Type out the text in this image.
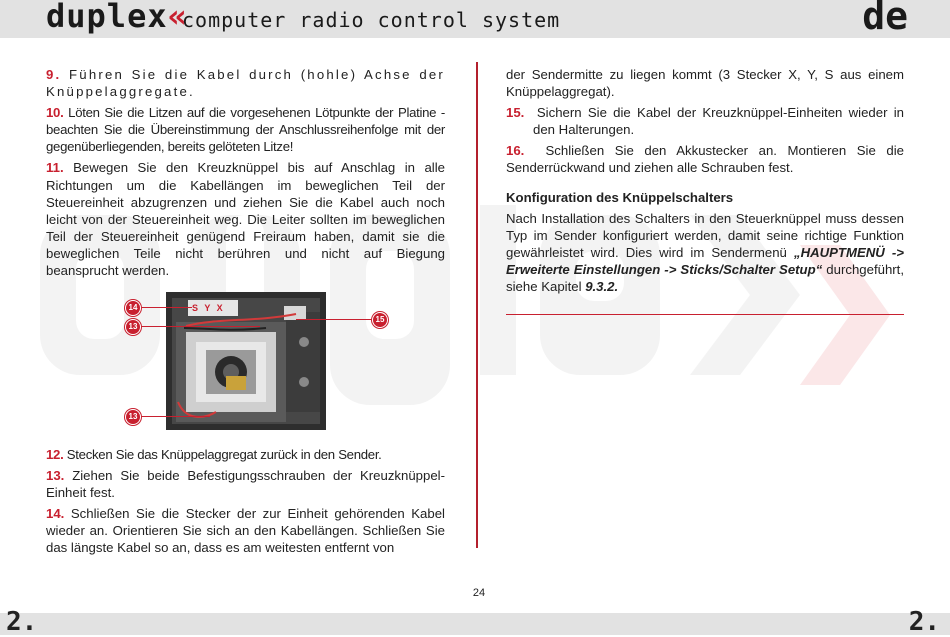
duplex« computer radio control system	de

9. Führen Sie die Kabel durch (hohle) Achse der Knüppelaggregate.

10. Löten Sie die Litzen auf die vorgesehenen Lötpunkte der Platine - beachten Sie die Übereinstimmung der Anschlussreihenfolge mit der gegenüberliegenden, bereits gelöteten Litze!

11. Bewegen Sie den Kreuzknüppel bis auf Anschlag in alle Richtungen um die Kabellängen im beweglichen Teil der Steuereinheit abzugrenzen und ziehen Sie die Kabel auch noch leicht von der Steuereinheit weg. Die Leiter sollten im beweglichen Teil der Steuereinheit genügend Freiraum haben, damit sie die beweglichen Teile nicht berühren und nicht auf Biegung beansprucht werden.

S Y X
14
13
15
13

12. Stecken Sie das Knüppelaggregat zurück in den Sender.

13. Ziehen Sie beide Befestigungsschrauben der Kreuzknüppel-Einheit fest.

14. Schließen Sie die Stecker der zur Einheit gehörenden Kabel wieder an. Orientieren Sie sich an den Kabellängen. Schließen Sie das längste Kabel so an, dass es am weitesten entfernt von

der Sendermitte zu liegen kommt (3 Stecker X, Y, S aus einem Knüppelaggregat).

15. Sichern Sie die Kabel der Kreuzknüppel-Einheiten wieder in den Halterungen.

16. Schließen Sie den Akkustecker an. Montieren Sie die Senderrückwand und ziehen alle Schrauben fest.

Konfiguration des Knüppelschalters

Nach Installation des Schalters in den Steuerknüppel muss dessen Typ im Sender konfiguriert werden, damit seine richtige Funktion gewährleistet wird. Dies wird im Sendermenü „HAUPTMENÜ -> Erweiterte Einstellungen -> Sticks/Schalter Setup“ durchgeführt, siehe Kapitel 9.3.2.

24
2.	2.
